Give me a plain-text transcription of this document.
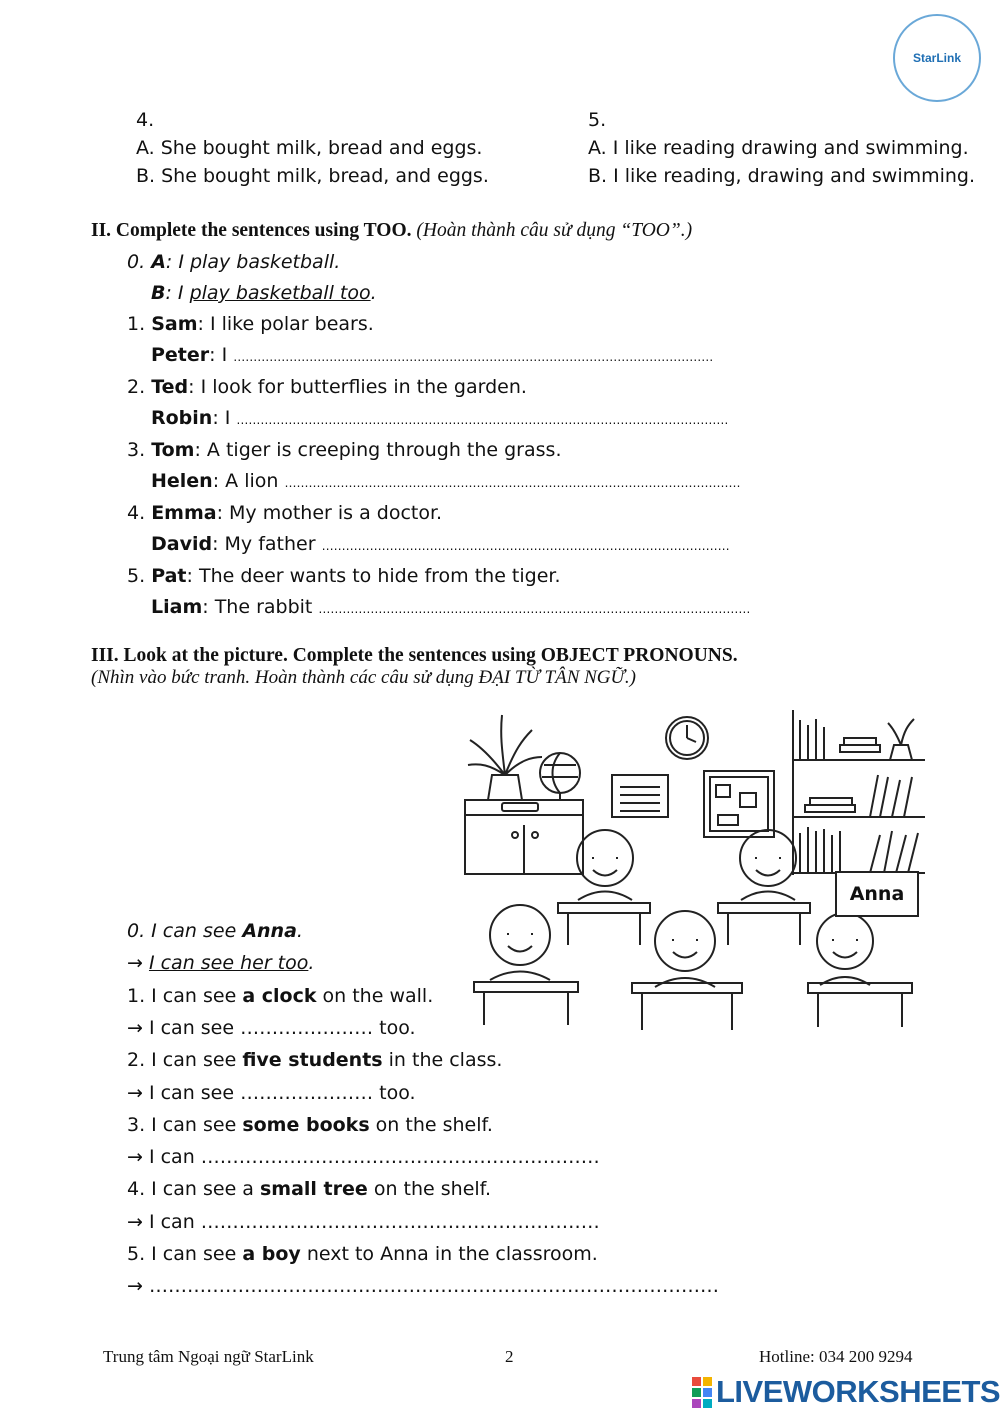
StarLink
4.
A. She bought milk, bread and eggs.
B. She bought milk, bread, and eggs.
5.
A. I like reading drawing and swimming.
B. I like reading, drawing and swimming.
II. Complete the sentences using TOO. (Hoàn thành câu sử dụng “TOO”.)
0. A: I play basketball.
B: I play basketball too.
1. Sam: I like polar bears.
Peter: I …………………………………………………………………………………………………………
2. Ted: I look for butterflies in the garden.
Robin: I ……………………………………………………………………………………………………………
3. Tom: A tiger is creeping through the grass.
Helen: A lion ……………………………………………………………………………………………………
4. Emma: My mother is a doctor.
David: My father …………………………………………………………………………………………
5. Pat: The deer wants to hide from the tiger.
Liam: The rabbit ………………………………………………………………………………………………
III. Look at the picture. Complete the sentences using OBJECT PRONOUNS.
(Nhìn vào bức tranh. Hoàn thành các câu sử dụng ĐẠI TỪ TÂN NGỮ.)
Anna
0. I can see Anna.
→ I can see her too.
1. I can see a clock on the wall.
→ I can see ………………… too.
2. I can see five students in the class.
→ I can see ………………… too.
3. I can see some books on the shelf.
→ I can ………………………………………………………
4. I can see a small tree on the shelf.
→ I can ………………………………………………………
5. I can see a boy next to Anna in the classroom.
→ ………………………………………………………………………………
Trung tâm Ngoại ngữ StarLink	2	Hotline: 034 200 9294
LIVEWORKSHEETS
